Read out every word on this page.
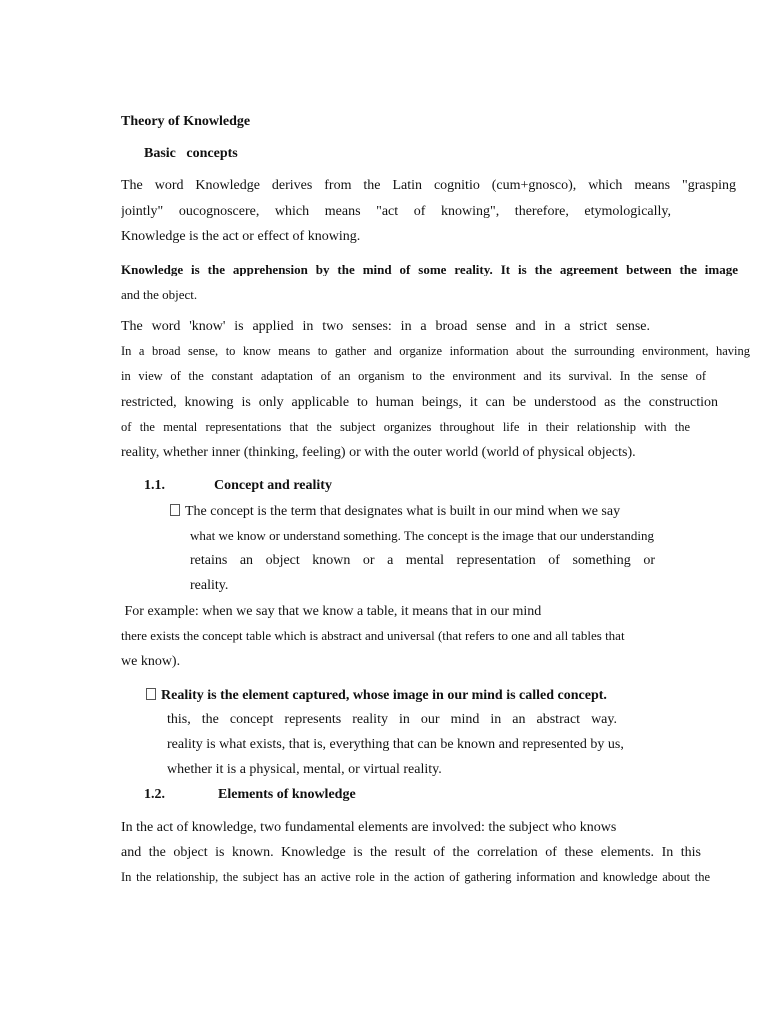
Theory of Knowledge
Basic   concepts
The word Knowledge derives from the Latin cognitio (cum+gnosco), which means "grasping
jointly" oucognoscere, which means "act of knowing", therefore, etymologically,
Knowledge is the act or effect of knowing.
Knowledge is the apprehension by the mind of some reality. It is the agreement between the image
and the object.
The word 'know' is applied in two senses: in a broad sense and in a strict sense.
In a broad sense, to know means to gather and organize information about the surrounding environment, having
in view of the constant adaptation of an organism to the environment and its survival. In the sense of
restricted, knowing is only applicable to human beings, it can be understood as the construction
of the mental representations that the subject organizes throughout life in their relationship with the
reality, whether inner (thinking, feeling) or with the outer world (world of physical objects).
1.1.	Concept and reality
The concept is the term that designates what is built in our mind when we say
what we know or understand something. The concept is the image that our understanding
retains an object known or a mental representation of something or
reality.
For example: when we say that we know a table, it means that in our mind
there exists the concept table which is abstract and universal (that refers to one and all tables that
we know).
Reality is the element captured, whose image in our mind is called concept.
this, the concept represents reality in our mind in an abstract way.
reality is what exists, that is, everything that can be known and represented by us,
whether it is a physical, mental, or virtual reality.
1.2.	Elements of knowledge
In the act of knowledge, two fundamental elements are involved: the subject who knows
and the object is known. Knowledge is the result of the correlation of these elements. In this
In the relationship, the subject has an active role in the action of gathering information and knowledge about the
